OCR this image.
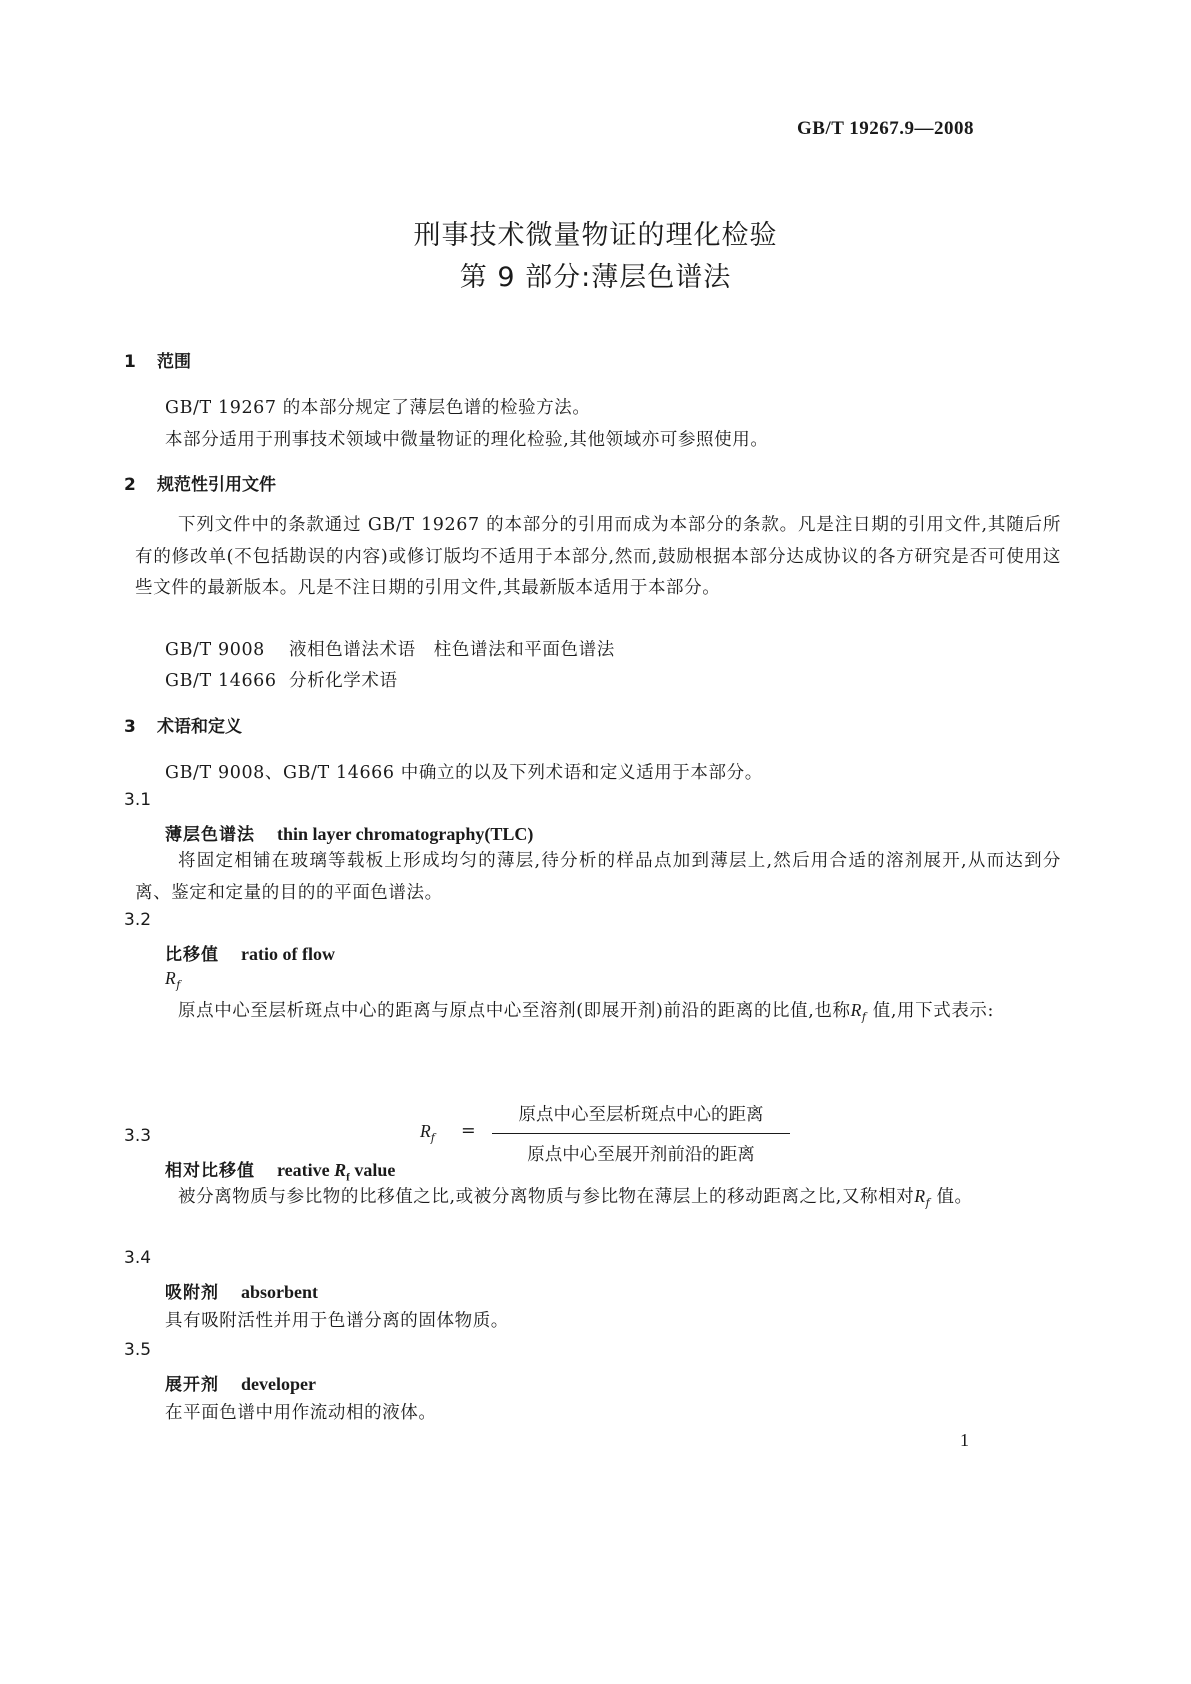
GB/T 19267.9—2008
刑事技术微量物证的理化检验
第 9 部分:薄层色谱法
1 范围
GB/T 19267 的本部分规定了薄层色谱的检验方法。
本部分适用于刑事技术领域中微量物证的理化检验,其他领域亦可参照使用。
2 规范性引用文件
下列文件中的条款通过 GB/T 19267 的本部分的引用而成为本部分的条款。凡是注日期的引用文件,其随后所有的修改单(不包括勘误的内容)或修订版均不适用于本部分,然而,鼓励根据本部分达成协议的各方研究是否可使用这些文件的最新版本。凡是不注日期的引用文件,其最新版本适用于本部分。
GB/T 9008 液相色谱法术语　柱色谱法和平面色谱法
GB/T 14666 分析化学术语
3 术语和定义
GB/T 9008、GB/T 14666 中确立的以及下列术语和定义适用于本部分。
3.1
薄层色谱法 thin layer chromatography(TLC)
将固定相铺在玻璃等载板上形成均匀的薄层,待分析的样品点加到薄层上,然后用合适的溶剂展开,从而达到分离、鉴定和定量的目的的平面色谱法。
3.2
比移值 ratio of flow
$R_f$
原点中心至层析斑点中心的距离与原点中心至溶剂(即展开剂)前沿的距离的比值,也称$R_f$ 值,用下式表示:
$R_f$ =
原点中心至层析斑点中心的距离
原点中心至展开剂前沿的距离
3.3
相对比移值 reative $R_f$ value
被分离物质与参比物的比移值之比,或被分离物质与参比物在薄层上的移动距离之比,又称相对$R_f$ 值。
3.4
吸附剂 absorbent
具有吸附活性并用于色谱分离的固体物质。
3.5
展开剂 developer
在平面色谱中用作流动相的液体。
1
